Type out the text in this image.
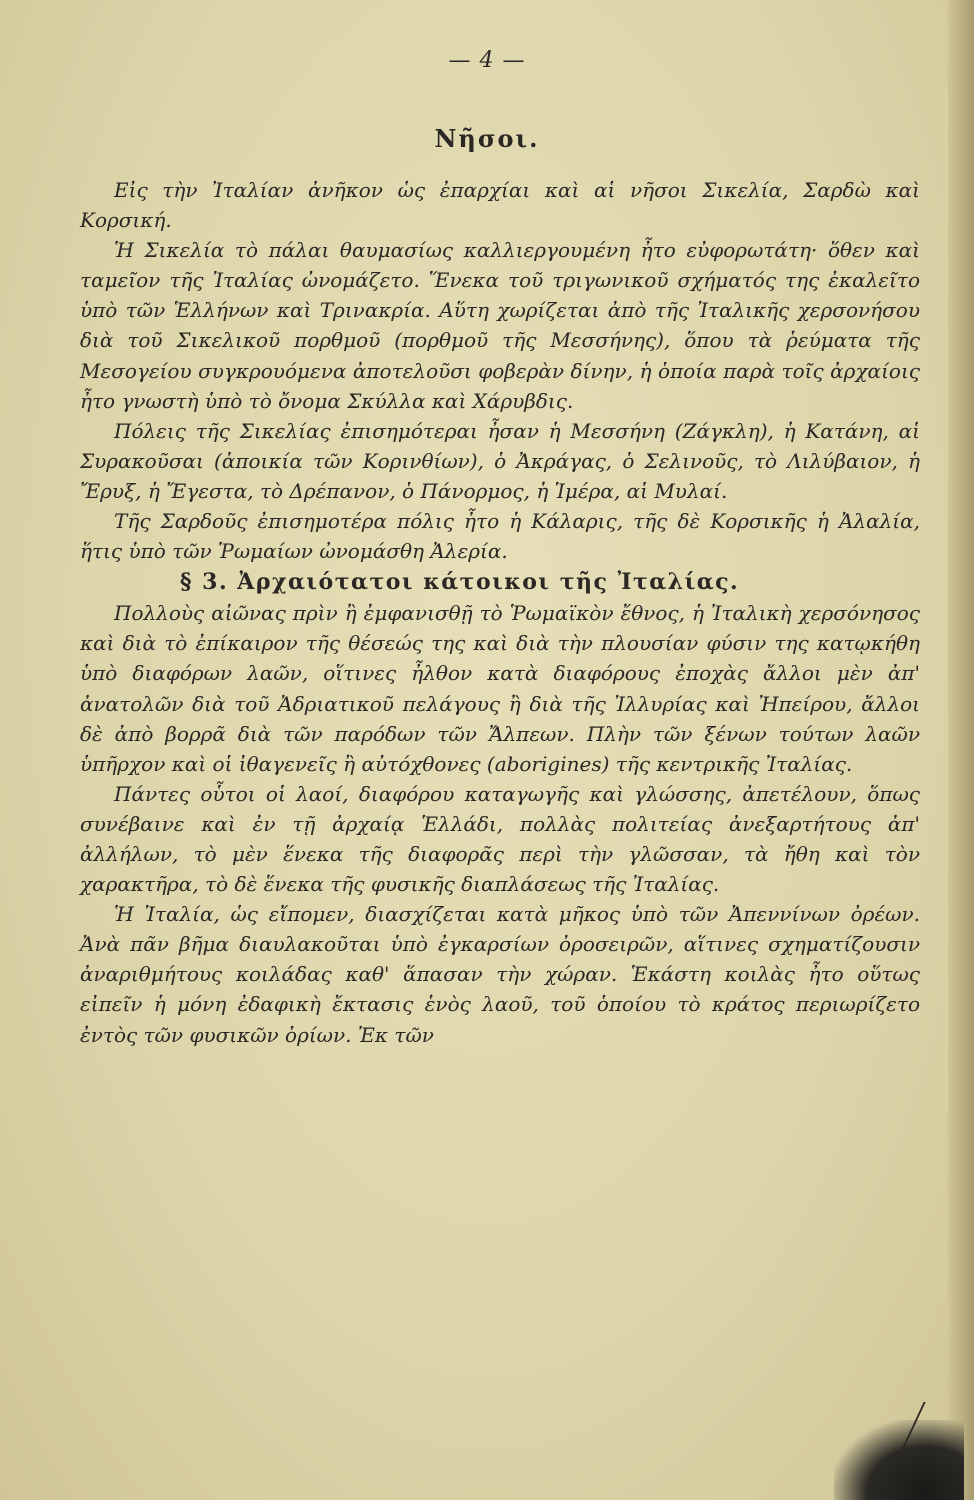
— 4 —
Νῆσοι.

Εἰς τὴν Ἰταλίαν ἀνῆκον ὡς ἐπαρχίαι καὶ αἱ νῆσοι Σικελία, Σαρδὼ καὶ Κορσική.

Ἡ Σικελία τὸ πάλαι θαυμασίως καλλιεργουμένη ἦτο εὐφορωτάτη· ὅθεν καὶ ταμεῖον τῆς Ἰταλίας ὠνομάζετο. Ἕνεκα τοῦ τριγωνικοῦ σχήματός της ἐκαλεῖτο ὑπὸ τῶν Ἑλλήνων καὶ Τρινακρία. Αὕτη χωρίζεται ἀπὸ τῆς Ἰταλικῆς χερσονήσου διὰ τοῦ Σικελικοῦ πορθμοῦ (πορθμοῦ τῆς Μεσσήνης), ὅπου τὰ ῥεύματα τῆς Μεσογείου συγκρουόμενα ἀποτελοῦσι φοβερὰν δίνην, ἡ ὁποία παρὰ τοῖς ἀρχαίοις ἦτο γνωστὴ ὑπὸ τὸ ὄνομα Σκύλλα καὶ Χάρυβδις.

Πόλεις τῆς Σικελίας ἐπισημότεραι ἦσαν ἡ Μεσσήνη (Ζάγκλη), ἡ Κατάνη, αἱ Συρακοῦσαι (ἀποικία τῶν Κορινθίων), ὁ Ἀκράγας, ὁ Σελινοῦς, τὸ Λιλύβαιον, ἡ Ἔρυξ, ἡ Ἔγεστα, τὸ Δρέπανον, ὁ Πάνορμος, ἡ Ἱμέρα, αἱ Μυλαί.

Τῆς Σαρδοῦς ἐπισημοτέρα πόλις ἦτο ἡ Κάλαρις, τῆς δὲ Κορσικῆς ἡ Ἀλαλία, ἥτις ὑπὸ τῶν Ῥωμαίων ὠνομάσθη Ἀλερία.

§ 3. Ἀρχαιότατοι κάτοικοι τῆς Ἰταλίας.

Πολλοὺς αἰῶνας πρὶν ἢ ἐμφανισθῇ τὸ Ῥωμαϊκὸν ἔθνος, ἡ Ἰταλικὴ χερσόνησος καὶ διὰ τὸ ἐπίκαιρον τῆς θέσεώς της καὶ διὰ τὴν πλουσίαν φύσιν της κατῳκήθη ὑπὸ διαφόρων λαῶν, οἵτινες ἦλθον κατὰ διαφόρους ἐποχὰς ἄλλοι μὲν ἀπ' ἀνατολῶν διὰ τοῦ Ἀδριατικοῦ πελάγους ἢ διὰ τῆς Ἰλλυρίας καὶ Ἠπείρου, ἄλλοι δὲ ἀπὸ βορρᾶ διὰ τῶν παρόδων τῶν Ἄλπεων. Πλὴν τῶν ξένων τούτων λαῶν ὑπῆρχον καὶ οἱ ἰθαγενεῖς ἢ αὐτόχθονες (aborigines) τῆς κεντρικῆς Ἰταλίας.

Πάντες οὗτοι οἱ λαοί, διαφόρου καταγωγῆς καὶ γλώσσης, ἀπετέλουν, ὅπως συνέβαινε καὶ ἐν τῇ ἀρχαίᾳ Ἑλλάδι, πολλὰς πολιτείας ἀνεξαρτήτους ἀπ' ἀλλήλων, τὸ μὲν ἕνεκα τῆς διαφορᾶς περὶ τὴν γλῶσσαν, τὰ ἤθη καὶ τὸν χαρακτῆρα, τὸ δὲ ἕνεκα τῆς φυσικῆς διαπλάσεως τῆς Ἰταλίας.

Ἡ Ἰταλία, ὡς εἴπομεν, διασχίζεται κατὰ μῆκος ὑπὸ τῶν Ἀπεννίνων ὀρέων. Ἀνὰ πᾶν βῆμα διαυλακοῦται ὑπὸ ἐγκαρσίων ὀροσειρῶν, αἵτινες σχηματίζουσιν ἀναριθμήτους κοιλάδας καθ' ἅπασαν τὴν χώραν. Ἑκάστη κοιλὰς ἦτο οὕτως εἰπεῖν ἡ μόνη ἐδαφικὴ ἔκτασις ἑνὸς λαοῦ, τοῦ ὁποίου τὸ κράτος περιωρίζετο ἐντὸς τῶν φυσικῶν ὁρίων. Ἐκ τῶν
